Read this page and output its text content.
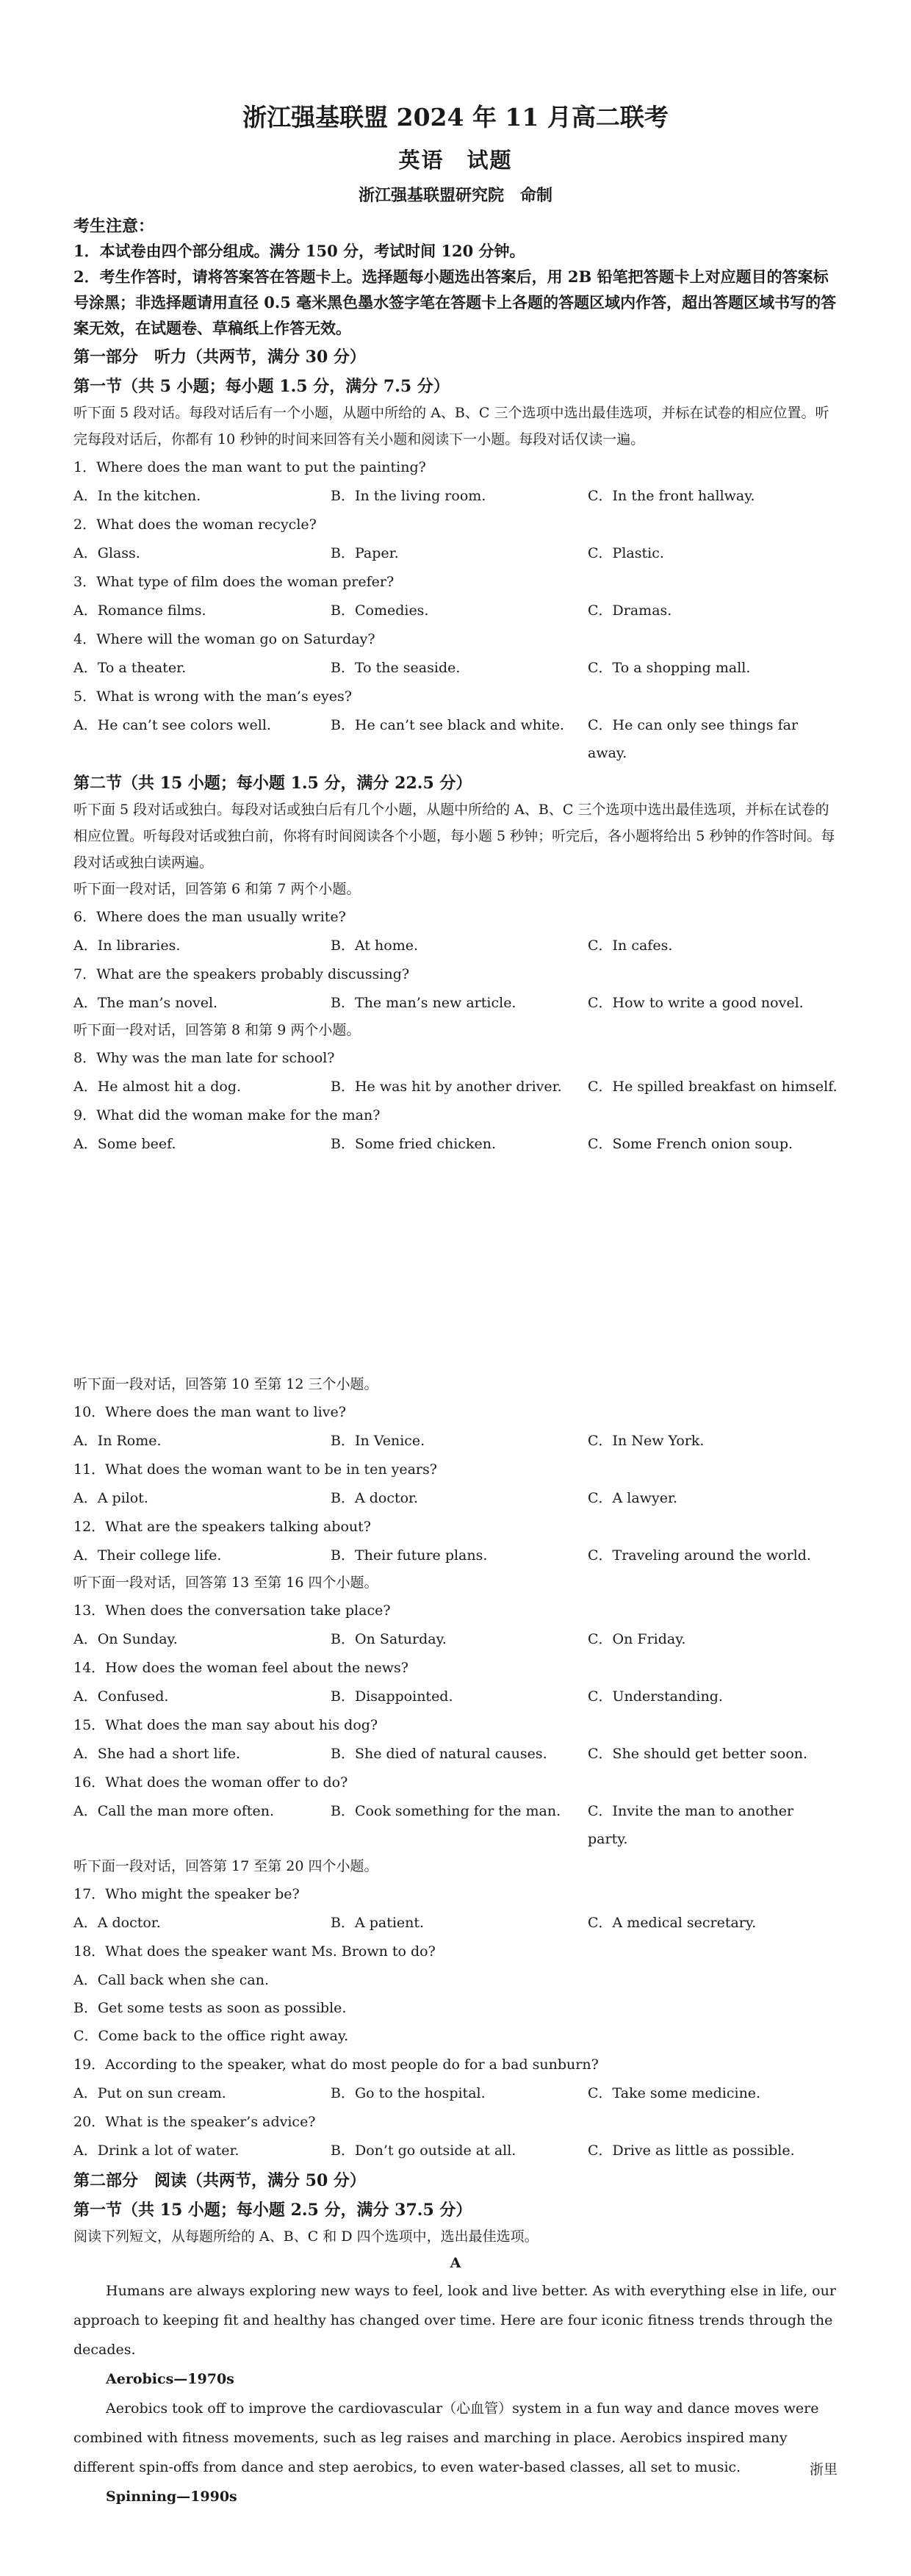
浙江强基联盟 2024 年 11 月高二联考
英语　试题
浙江强基联盟研究院　命制
考生注意：
1．本试卷由四个部分组成。满分 150 分，考试时间 120 分钟。
2．考生作答时，请将答案答在答题卡上。选择题每小题选出答案后，用 2B 铅笔把答题卡上对应题目的答案标号涂黑；非选择题请用直径 0.5 毫米黑色墨水签字笔在答题卡上各题的答题区域内作答，超出答题区域书写的答案无效，在试题卷、草稿纸上作答无效。
第一部分　听力（共两节，满分 30 分）
第一节（共 5 小题；每小题 1.5 分，满分 7.5 分）
听下面 5 段对话。每段对话后有一个小题，从题中所给的 A、B、C 三个选项中选出最佳选项，并标在试卷的相应位置。听完每段对话后，你都有 10 秒钟的时间来回答有关小题和阅读下一小题。每段对话仅读一遍。
1．Where does the man want to put the painting?
A．In the kitchen.	B．In the living room.	C．In the front hallway.
2．What does the woman recycle?
A．Glass.	B．Paper.	C．Plastic.
3．What type of film does the woman prefer?
A．Romance films.	B．Comedies.	C．Dramas.
4．Where will the woman go on Saturday?
A．To a theater.	B．To the seaside.	C．To a shopping mall.
5．What is wrong with the man’s eyes?
A．He can’t see colors well.	B．He can’t see black and white.	C．He can only see things far away.
第二节（共 15 小题；每小题 1.5 分，满分 22.5 分）
听下面 5 段对话或独白。每段对话或独白后有几个小题，从题中所给的 A、B、C 三个选项中选出最佳选项，并标在试卷的相应位置。听每段对话或独白前，你将有时间阅读各个小题，每小题 5 秒钟；听完后，各小题将给出 5 秒钟的作答时间。每段对话或独白读两遍。
听下面一段对话，回答第 6 和第 7 两个小题。
6．Where does the man usually write?
A．In libraries.	B．At home.	C．In cafes.
7．What are the speakers probably discussing?
A．The man’s novel.	B．The man’s new article.	C．How to write a good novel.
听下面一段对话，回答第 8 和第 9 两个小题。
8．Why was the man late for school?
A．He almost hit a dog.	B．He was hit by another driver.	C．He spilled breakfast on himself.
9．What did the woman make for the man?
A．Some beef.	B．Some fried chicken.	C．Some French onion soup.
听下面一段对话，回答第 10 至第 12 三个小题。
10．Where does the man want to live?
A．In Rome.	B．In Venice.	C．In New York.
11．What does the woman want to be in ten years?
A．A pilot.	B．A doctor.	C．A lawyer.
12．What are the speakers talking about?
A．Their college life.	B．Their future plans.	C．Traveling around the world.
听下面一段对话，回答第 13 至第 16 四个小题。
13．When does the conversation take place?
A．On Sunday.	B．On Saturday.	C．On Friday.
14．How does the woman feel about the news?
A．Confused.	B．Disappointed.	C．Understanding.
15．What does the man say about his dog?
A．She had a short life.	B．She died of natural causes.	C．She should get better soon.
16．What does the woman offer to do?
A．Call the man more often.	B．Cook something for the man.	C．Invite the man to another party.
听下面一段对话，回答第 17 至第 20 四个小题。
17．Who might the speaker be?
A．A doctor.	B．A patient.	C．A medical secretary.
18．What does the speaker want Ms. Brown to do?
A．Call back when she can.
B．Get some tests as soon as possible.
C．Come back to the office right away.
19．According to the speaker, what do most people do for a bad sunburn?
A．Put on sun cream.	B．Go to the hospital.	C．Take some medicine.
20．What is the speaker’s advice?
A．Drink a lot of water.	B．Don’t go outside at all.	C．Drive as little as possible.
第二部分　阅读（共两节，满分 50 分）
第一节（共 15 小题；每小题 2.5 分，满分 37.5 分）
阅读下列短文，从每题所给的 A、B、C 和 D 四个选项中，选出最佳选项。
A
Humans are always exploring new ways to feel, look and live better. As with everything else in life, our approach to keeping fit and healthy has changed over time. Here are four iconic fitness trends through the decades.
Aerobics—1970s
Aerobics took off to improve the cardiovascular（心血管）system in a fun way and dance moves were combined with fitness movements, such as leg raises and marching in place. Aerobics inspired many different spin-offs from dance and step aerobics, to even water-based classes, all set to music.
Spinning—1990s
浙里
